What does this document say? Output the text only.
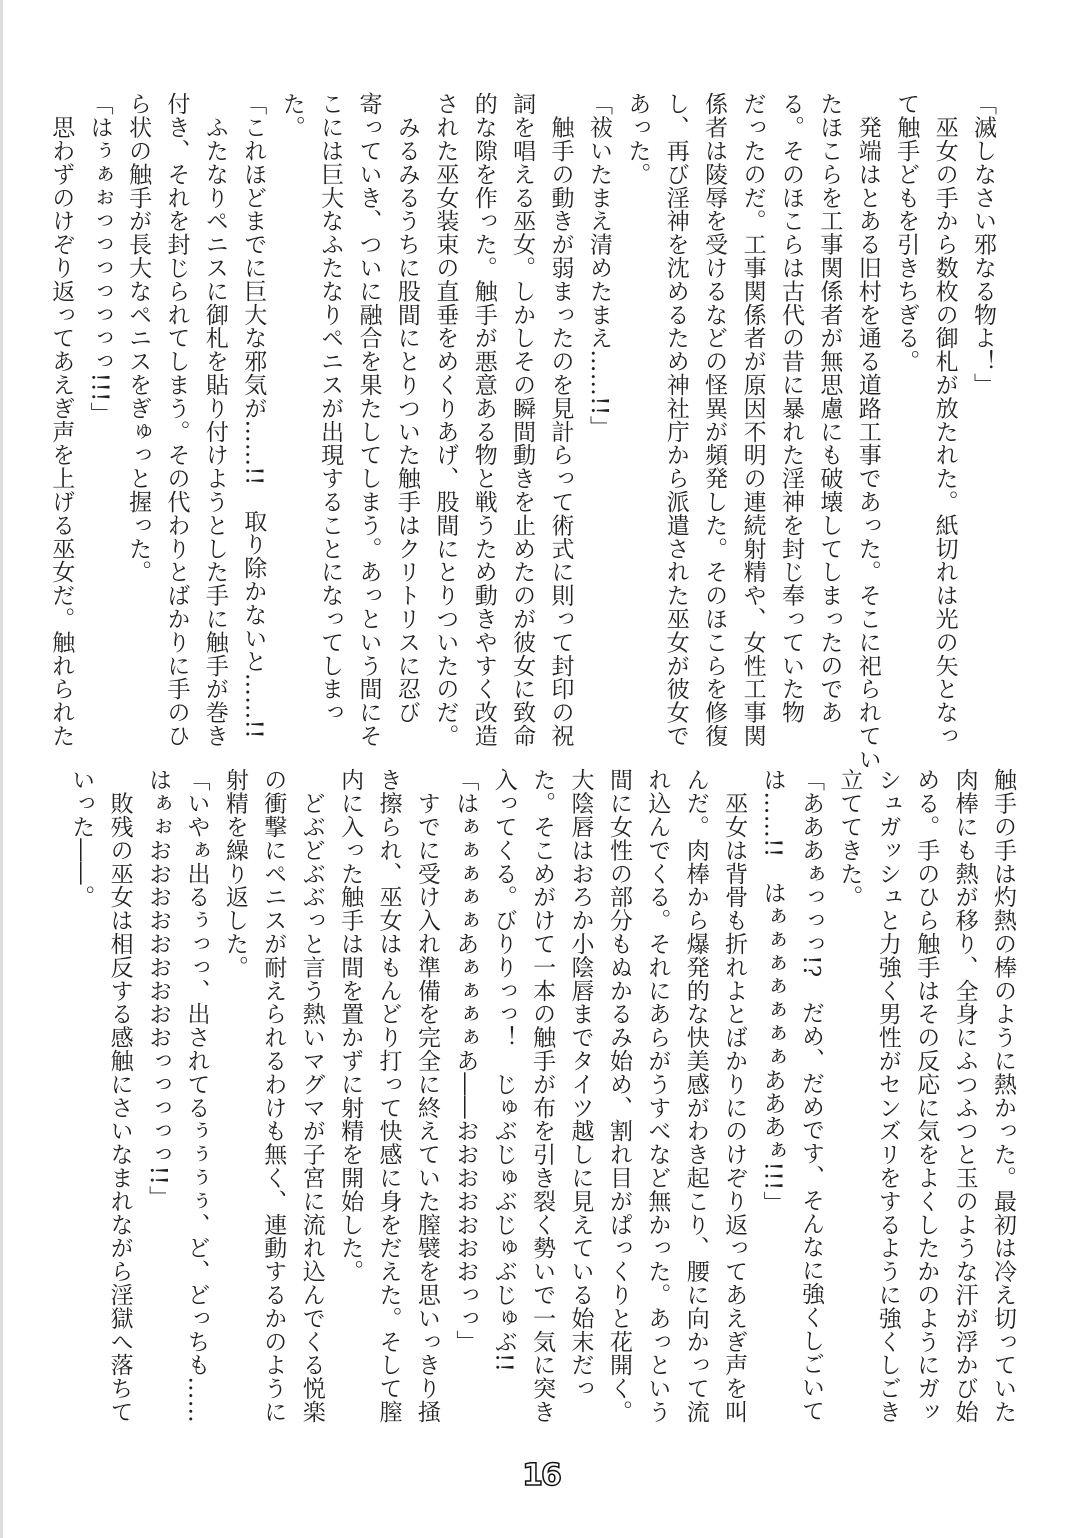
「滅しなさい邪なる物よ！」
　巫女の手から数枚の御札が放たれた。紙切れは光の矢となっ
て触手どもを引きちぎる。
　発端はとある旧村を通る道路工事であった。そこに祀られてい
たほこらを工事関係者が無思慮にも破壊してしまったのであ
る。そのほこらは古代の昔に暴れた淫神を封じ奉っていた物
だったのだ。工事関係者が原因不明の連続射精や、女性工事関
係者は陵辱を受けるなどの怪異が頻発した。そのほこらを修復
し、再び淫神を沈めるため神社庁から派遣された巫女が彼女で
あった。
「祓いたまえ清めたまえ……!!」
　触手の動きが弱まったのを見計らって術式に則って封印の祝
詞を唱える巫女。しかしその瞬間動きを止めたのが彼女に致命
的な隙を作った。触手が悪意ある物と戦うため動きやすく改造
された巫女装束の直垂をめくりあげ、股間にとりついたのだ。
　みるみるうちに股間にとりついた触手はクリトリスに忍び
寄っていき、ついに融合を果たしてしまう。あっという間にそ
こには巨大なふたなりペニスが出現することになってしまっ
た。
「これほどまでに巨大な邪気が……!!　取り除かないと……!!
　ふたなりペニスに御札を貼り付けようとした手に触手が巻き
付き、それを封じられてしまう。その代わりとばかりに手のひ
ら状の触手が長大なペニスをぎゅっと握った。
「はぅぁぉっっっっっっっ!!!」
　思わずのけぞり返ってあえぎ声を上げる巫女だ。触れられた
触手の手は灼熱の棒のように熱かった。最初は冷え切っていた
肉棒にも熱が移り、全身にふつふつと玉のような汗が浮かび始
める。手のひら触手はその反応に気をよくしたかのようにガッ
シュガッシュと力強く男性がセンズリをするように強くしごき
立ててきた。
「あああぁっっっ!?　だめ、だめです、そんなに強くしごいて
は……!!　はぁぁぁぁぁぁぁあああぁ!!!」
　巫女は背骨も折れよとばかりにのけぞり返ってあえぎ声を叫
んだ。肉棒から爆発的な快美感がわき起こり、腰に向かって流
れ込んでくる。それにあらがうすべなど無かった。あっという
間に女性の部分もぬかるみ始め、割れ目がぱっくりと花開く。
大陰唇はおろか小陰唇までタイツ越しに見えている始末だっ
た。そこめがけて一本の触手が布を引き裂く勢いで一気に突き
入ってくる。びりりっっ！　じゅぶじゅぶじゅぶじゅぶ!!
「はぁぁぁぁぁあぁぁぁぁあ――おおおおおおおっっ」
　すでに受け入れ準備を完全に終えていた膣襞を思いっきり掻
き擦られ、巫女はもんどり打って快感に身をだえた。そして膣
内に入った触手は間を置かずに射精を開始した。
　どぶどぶぶっと言う熱いマグマが子宮に流れ込んでくる悦楽
の衝撃にペニスが耐えられるわけも無く、連動するかのように
射精を繰り返した。
「いやぁ出るぅっっ、出されてるぅぅぅぅ、ど、どっちも……
はぁぉおおおおおおおおおっっっっっ!!」
　敗残の巫女は相反する感触にさいなまれながら淫獄へ落ちて
いった――。
16
